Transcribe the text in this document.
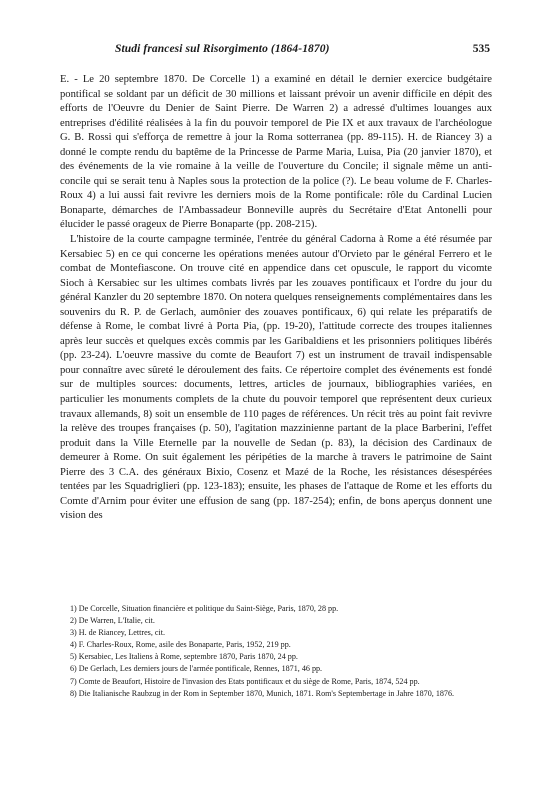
Studi francesi sul Risorgimento (1864-1870)	535

E. - Le 20 septembre 1870. De Corcelle 1) a examiné en détail le dernier exercice budgétaire pontifical se soldant par un déficit de 30 millions et laissant prévoir un avenir difficile en dépit des efforts de l'Oeuvre du Denier de Saint Pierre. De Warren 2) a adressé d'ultimes louanges aux entreprises d'édilité réalisées à la fin du pouvoir temporel de Pie IX et aux travaux de l'archéologue G. B. Rossi qui s'efforça de remettre à jour la Roma sotterranea (pp. 89-115). H. de Riancey 3) a donné le compte rendu du baptême de la Princesse de Parme Maria, Luisa, Pia (20 janvier 1870), et des événements de la vie romaine à la veille de l'ouverture du Concile; il signale même un anti-concile qui se serait tenu à Naples sous la protection de la police (?). Le beau volume de F. Charles-Roux 4) a lui aussi fait revivre les derniers mois de la Rome pontificale: rôle du Cardinal Lucien Bonaparte, démarches de l'Ambassadeur Bonneville auprès du Secrétaire d'Etat Antonelli pour élucider le passé orageux de Pierre Bonaparte (pp. 208-215).

L'histoire de la courte campagne terminée, l'entrée du général Cadorna à Rome a été résumée par Kersabiec 5) en ce qui concerne les opérations menées autour d'Orvieto par le général Ferrero et le combat de Montefiascone. On trouve cité en appendice dans cet opuscule, le rapport du vicomte Sioch à Kersabiec sur les ultimes combats livrés par les zouaves pontificaux et l'ordre du jour du général Kanzler du 20 septembre 1870. On notera quelques renseignements complémentaires dans les souvenirs du R. P. de Gerlach, aumônier des zouaves pontificaux, 6) qui relate les préparatifs de défense à Rome, le combat livré à Porta Pia, (pp. 19-20), l'attitude correcte des troupes italiennes après leur succès et quelques excès commis par les Garibaldiens et les prisonniers politiques libérés (pp. 23-24). L'oeuvre massive du comte de Beaufort 7) est un instrument de travail indispensable pour connaître avec sûreté le déroulement des faits. Ce répertoire complet des événements est fondé sur de multiples sources: documents, lettres, articles de journaux, bibliographies variées, en particulier les monuments complets de la chute du pouvoir temporel que représentent deux curieux travaux allemands, 8) soit un ensemble de 110 pages de références. Un récit très au point fait revivre la relève des troupes françaises (p. 50), l'agitation mazzinienne partant de la place Barberini, l'effet produit dans la Ville Eternelle par la nouvelle de Sedan (p. 83), la décision des Cardinaux de demeurer à Rome. On suit également les péripéties de la marche à travers le patrimoine de Saint Pierre des 3 C.A. des généraux Bixio, Cosenz et Mazé de la Roche, les résistances désespérées tentées par les Squadriglieri (pp. 123-183); ensuite, les phases de l'attaque de Rome et les efforts du Comte d'Arnim pour éviter une effusion de sang (pp. 187-254); enfin, de bons aperçus donnent une vision des

1) De Corcelle, Situation financière et politique du Saint-Siège, Paris, 1870, 28 pp.
2) De Warren, L'Italie, cit.
3) H. de Riancey, Lettres, cit.
4) F. Charles-Roux, Rome, asile des Bonaparte, Paris, 1952, 219 pp.
5) Kersabiec, Les Italiens à Rome, septembre 1870, Paris 1870, 24 pp.
6) De Gerlach, Les derniers jours de l'armée pontificale, Rennes, 1871, 46 pp.
7) Comte de Beaufort, Histoire de l'invasion des Etats pontificaux et du siège de Rome, Paris, 1874, 524 pp.
8) Die Italianische Raubzug in der Rom in September 1870, Munich, 1871. Rom's Septembertage in Jahre 1870, 1876.
